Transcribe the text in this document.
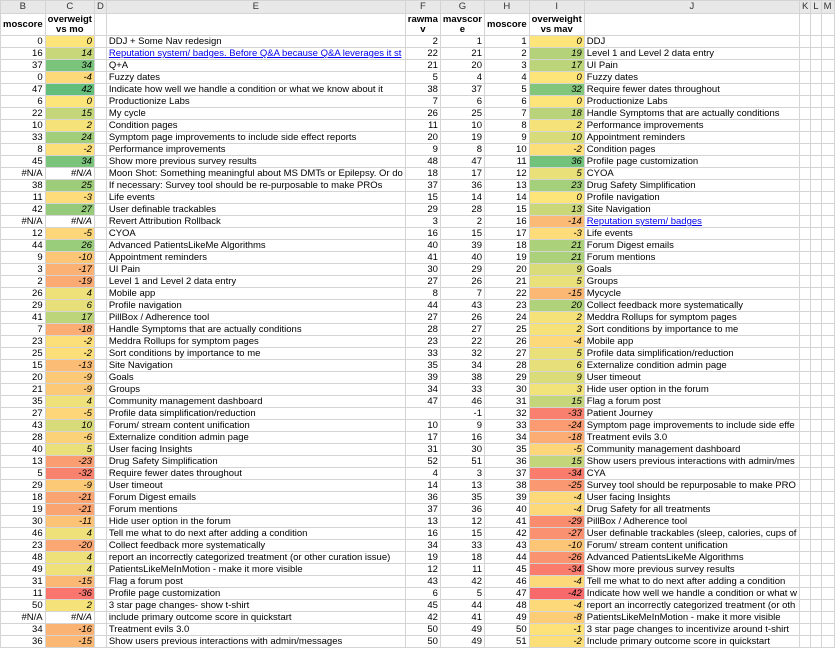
B	C	D	E	F	G	H	I	J	K	L	M
moscore	overweigt vs mo			rawma v	mavscor e	moscore	overweight vs mav				
0	0		DDJ + Some Nav redesign	2	1	1	0	DDJ			
16	14		Reputation system/ badges. Before Q&A because Q&A leverages it st	22	21	2	19	Level 1 and Level 2 data entry			
37	34		Q+A	21	20	3	17	UI Pain			
0	-4		Fuzzy dates	5	4	4	0	Fuzzy dates			
47	42		Indicate how well we handle a condition or what we know about it	38	37	5	32	Require fewer dates throughout			
6	0		Productionize Labs	7	6	6	0	Productionize Labs			
22	15		My cycle	26	25	7	18	Handle Symptoms that are actually conditions			
10	2		Condition pages	11	10	8	2	Performance improvements			
33	24		Symptom page improvements to include side effect reports	20	19	9	10	Appointment reminders			
8	-2		Performance improvements	9	8	10	-2	Condition pages			
45	34		Show more previous survey results	48	47	11	36	Profile page customization			
#N/A	#N/A		Moon Shot: Something meaningful about MS DMTs or Epilepsy. Or do	18	17	12	5	CYOA			
38	25		If necessary: Survey tool should be re-purposable to make PROs	37	36	13	23	Drug Safety Simplification			
11	-3		Life events	15	14	14	0	Profile navigation			
42	27		User definable trackables	29	28	15	13	Site Navigation			
#N/A	#N/A		Revert Attribution Rollback	3	2	16	-14	Reputation system/ badges			
12	-5		CYOA	16	15	17	-3	Life events			
44	26		Advanced PatientsLikeMe Algorithms	40	39	18	21	Forum Digest emails			
9	-10		Appointment reminders	41	40	19	21	Forum mentions			
3	-17		UI Pain	30	29	20	9	Goals			
2	-19		Level 1 and Level 2 data entry	27	26	21	5	Groups			
26	4		Mobile app	8	7	22	-15	Mycycle			
29	6		Profile navigation	44	43	23	20	Collect feedback more systematically			
41	17		PillBox / Adherence tool	27	26	24	2	Meddra Rollups for symptom pages			
7	-18		Handle Symptoms that are actually conditions	28	27	25	2	Sort conditions by importance to me			
23	-2		Meddra Rollups for symptom pages	23	22	26	-4	Mobile app			
25	-2		Sort conditions by importance to me	33	32	27	5	Profile data simplification/reduction			
15	-13		Site Navigation	35	34	28	6	Externalize condition admin page			
20	-9		Goals	39	38	29	9	User timeout			
21	-9		Groups	34	33	30	3	Hide user option in the forum			
35	4		Community management dashboard	47	46	31	15	Flag a forum post			
27	-5		Profile data simplification/reduction		-1	32	-33	Patient Journey			
43	10		Forum/ stream content unification	10	9	33	-24	Symptom page improvements to include side effe			
28	-6		Externalize condition admin page	17	16	34	-18	Treatment evils 3.0			
40	5		User facing Insights	31	30	35	-5	Community management dashboard			
13	-23		Drug Safety Simplification	52	51	36	15	Show users previous interactions with admin/mes			
5	-32		Require fewer dates throughout	4	3	37	-34	CYA			
29	-9		User timeout	14	13	38	-25	Survey tool should be repurposable to make PRO			
18	-21		Forum Digest emails	36	35	39	-4	User facing Insights			
19	-21		Forum mentions	37	36	40	-4	Drug Safety for all treatments			
30	-11		Hide user option in the forum	13	12	41	-29	PillBox / Adherence tool			
46	4		Tell me what to do next after adding a condition	16	15	42	-27	User definable trackables (sleep, calories, cups of			
23	-20		Collect feedback more systematically	34	33	43	-10	Forum/ stream content unification			
48	4		report an incorrectly categorized treatment (or other curation issue)	19	18	44	-26	Advanced PatientsLikeMe Algorithms			
49	4		PatientsLikeMeInMotion - make it more visible	12	11	45	-34	Show more previous survey results			
31	-15		Flag a forum post	43	42	46	-4	Tell me what to do next after adding a condition			
11	-36		Profile page customization	6	5	47	-42	Indicate how well we handle a condition or what w			
50	2		3 star page changes- show t-shirt	45	44	48	-4	report an incorrectly categorized treatment (or oth			
#N/A	#N/A		include primary outcome score in quickstart	42	41	49	-8	PatientsLikeMeInMotion - make it more visible			
34	-16		Treatment evils 3.0	50	49	50	-1	3 star page changes to incentivize around t-shirt			
36	-15		Show users previous interactions with admin/messages	50	49	51	-2	Include primary outcome score in quickstart			
